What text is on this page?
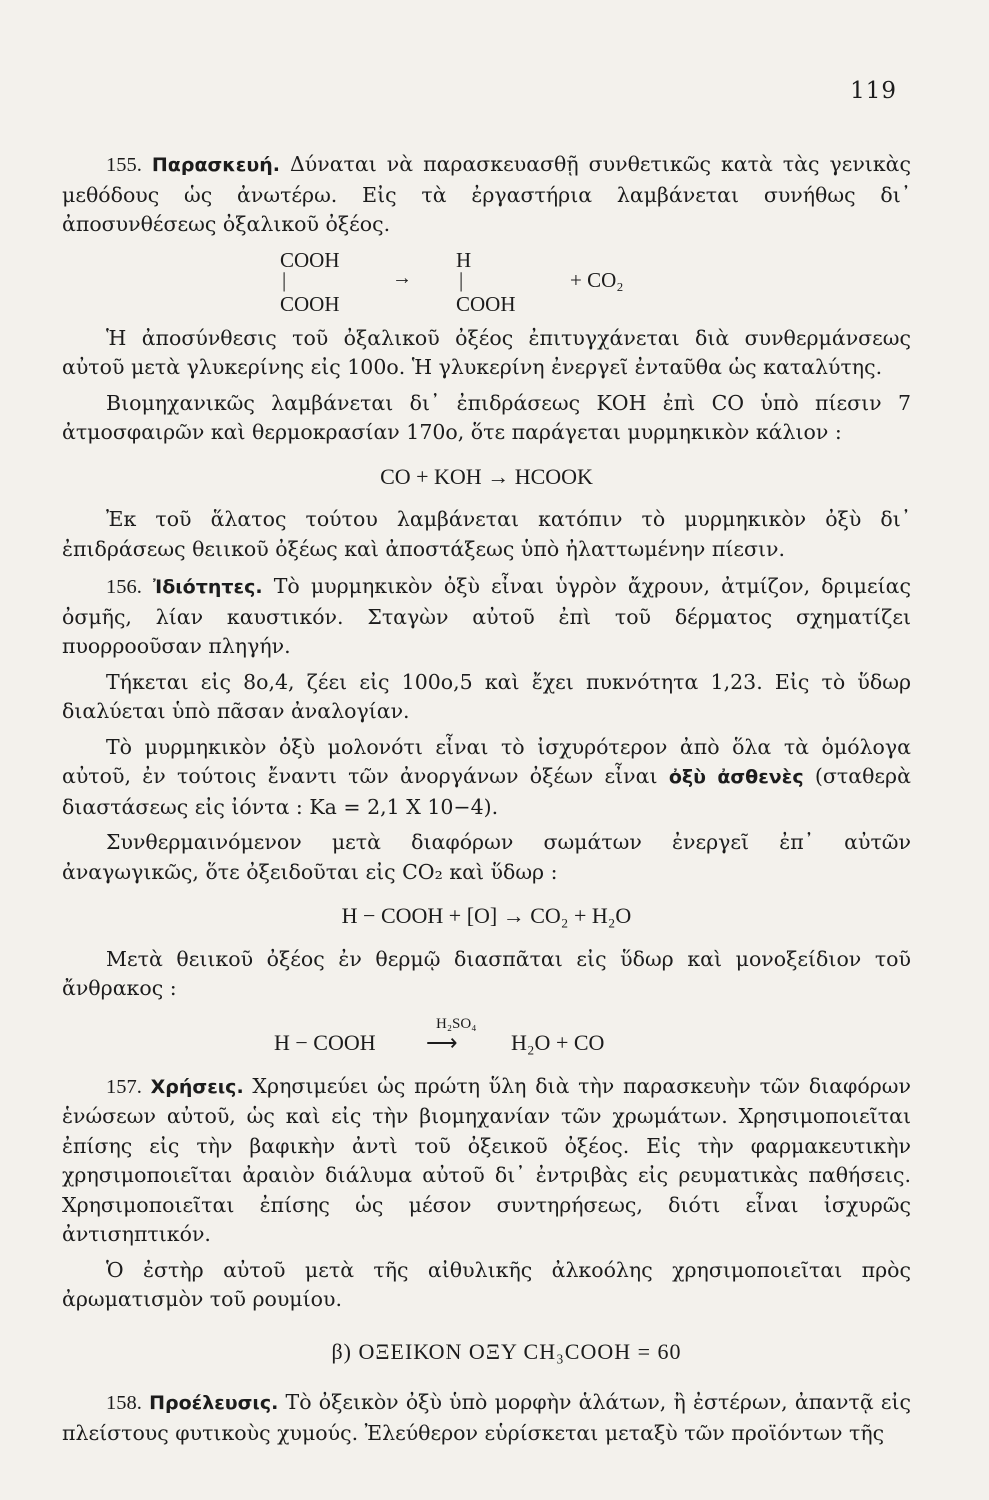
119

155. Παρασκευή. Δύναται νὰ παρασκευασθῇ συνθετικῶς κατὰ τὰς γενικὰς μεθόδους ὡς ἀνωτέρω. Εἰς τὰ ἐργαστήρια λαμβάνεται συνήθως δι᾽ ἀποσυνθέσεως ὀξαλικοῦ ὀξέος.

COOH
|
COOH
→
H
|
COOH
+ CO₂

Ἡ ἀποσύνθεσις τοῦ ὀξαλικοῦ ὀξέος ἐπιτυγχάνεται διὰ συνθερμάνσεως αὐτοῦ μετὰ γλυκερίνης εἰς 100ο. Ἡ γλυκερίνη ἐνεργεῖ ἐνταῦθα ὡς καταλύτης.

Βιομηχανικῶς λαμβάνεται δι᾽ ἐπιδράσεως ΚΟΗ ἐπὶ CO ὑπὸ πίεσιν 7 ἀτμοσφαιρῶν καὶ θερμοκρασίαν 170ο, ὅτε παράγεται μυρμηκικὸν κάλιον :

CO + KOH → HCOOK

Ἐκ τοῦ ἅλατος τούτου λαμβάνεται κατόπιν τὸ μυρμηκικὸν ὀξὺ δι᾽ ἐπιδράσεως θειικοῦ ὀξέως καὶ ἀποστάξεως ὑπὸ ἠλαττωμένην πίεσιν.

156. Ἰδιότητες. Τὸ μυρμηκικὸν ὀξὺ εἶναι ὑγρὸν ἄχρουν, ἀτμίζον, δριμείας ὀσμῆς, λίαν καυστικόν. Σταγὼν αὐτοῦ ἐπὶ τοῦ δέρματος σχηματίζει πυορροοῦσαν πληγήν.

Τήκεται εἰς 8ο,4, ζέει εἰς 100ο,5 καὶ ἔχει πυκνότητα 1,23. Εἰς τὸ ὕδωρ διαλύεται ὑπὸ πᾶσαν ἀναλογίαν.

Τὸ μυρμηκικὸν ὀξὺ μολονότι εἶναι τὸ ἰσχυρότερον ἀπὸ ὅλα τὰ ὁμόλογα αὐτοῦ, ἐν τούτοις ἔναντι τῶν ἀνοργάνων ὀξέων εἶναι ὀξὺ ἀσθενὲς (σταθερὰ διαστάσεως εἰς ἰόντα : Ka = 2,1 X 10−4).

Συνθερμαινόμενον μετὰ διαφόρων σωμάτων ἐνεργεῖ ἐπ᾽ αὐτῶν ἀναγωγικῶς, ὅτε ὀξειδοῦται εἰς CO₂ καὶ ὕδωρ :

H − COOH + [O] → CO₂ + H₂O

Μετὰ θειικοῦ ὀξέος ἐν θερμῷ διασπᾶται εἰς ὕδωρ καὶ μονοξείδιον τοῦ ἄνθρακος :

H − COOH
H₂SO₄
⟶ H₂O + CO

157. Χρήσεις. Χρησιμεύει ὡς πρώτη ὕλη διὰ τὴν παρασκευὴν τῶν διαφόρων ἑνώσεων αὐτοῦ, ὡς καὶ εἰς τὴν βιομηχανίαν τῶν χρωμάτων. Χρησιμοποιεῖται ἐπίσης εἰς τὴν βαφικὴν ἀντὶ τοῦ ὀξεικοῦ ὀξέος. Εἰς τὴν φαρμακευτικὴν χρησιμοποιεῖται ἀραιὸν διάλυμα αὐτοῦ δι᾽ ἐντριβὰς εἰς ρευματικὰς παθήσεις. Χρησιμοποιεῖται ἐπίσης ὡς μέσον συντηρήσεως, διότι εἶναι ἰσχυρῶς ἀντισηπτικόν.

Ὁ ἐστὴρ αὐτοῦ μετὰ τῆς αἰθυλικῆς ἀλκοόλης χρησιμοποιεῖται πρὸς ἀρωματισμὸν τοῦ ρουμίου.

β) ΟΞΕΙΚΟΝ ΟΞΥ CH₃COOH = 60

158. Προέλευσις. Τὸ ὀξεικὸν ὀξὺ ὑπὸ μορφὴν ἁλάτων, ἢ ἐστέρων, ἀπαντᾷ εἰς πλείστους φυτικοὺς χυμούς. Ἐλεύθερον εὑρίσκεται μεταξὺ τῶν προϊόντων τῆς
